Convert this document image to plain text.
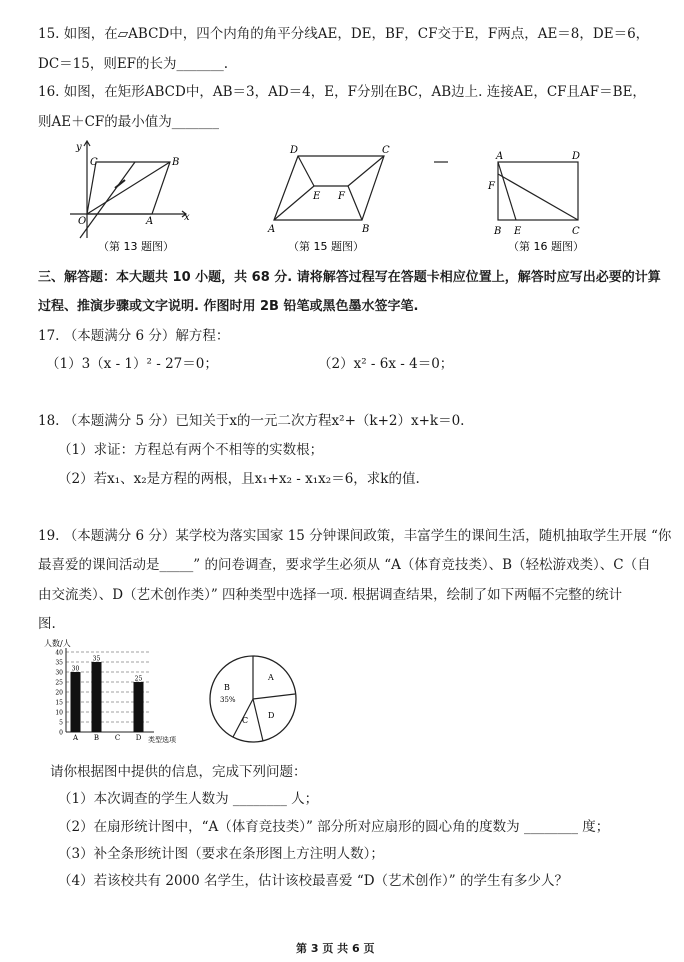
15. 如图，在▱ABCD中，四个内角的角平分线AE，DE，BF，CF交于E，F两点，AE＝8，DE＝6，
DC＝15，则EF的长为_______.
16. 如图，在矩形ABCD中，AB＝3，AD＝4，E，F分别在BC，AB边上. 连接AE，CF且AF＝BE，
则AE＋CF的最小值为_______
y
C	B
O	A	x
（第 13 题图）
D	C
E F
A	B
（第 15 题图）
A	D
F
B E	C
（第 16 题图）
三、解答题：本大题共 10 小题，共 68 分. 请将解答过程写在答题卡相应位置上，解答时应写出必要的计算
过程、推演步骤或文字说明. 作图时用 2B 铅笔或黑色墨水签字笔.
17. （本题满分 6 分）解方程：
（1）3（x - 1）² - 27＝0；	（2）x² - 6x - 4＝0；
18. （本题满分 5 分）已知关于x的一元二次方程x²+（k+2）x+k＝0.
（1）求证：方程总有两个不相等的实数根；
（2）若x₁、x₂是方程的两根，且x₁+x₂ - x₁x₂＝6，求k的值.
19. （本题满分 6 分）某学校为落实国家 15 分钟课间政策，丰富学生的课间生活，随机抽取学生开展 “你
最喜爱的课间活动是_____” 的问卷调查，要求学生必须从 “A（体育竞技类）、B（轻松游戏类）、C（自
由交流类）、D（艺术创作类）” 四种类型中选择一项. 根据调查结果，绘制了如下两幅不完整的统计
图.
人数/人
0
5
10
15
20
25
30
35
40
30
35
25
A B C D 类型选项
A
B
35%
C
D
请你根据图中提供的信息，完成下列问题：
（1）本次调查的学生人数为 ________ 人；
（2）在扇形统计图中，“A（体育竞技类）” 部分所对应扇形的圆心角的度数为 ________ 度；
（3）补全条形统计图（要求在条形图上方注明人数）；
（4）若该校共有 2000 名学生，估计该校最喜爱 “D（艺术创作）” 的学生有多少人？
第 3 页 共 6 页
